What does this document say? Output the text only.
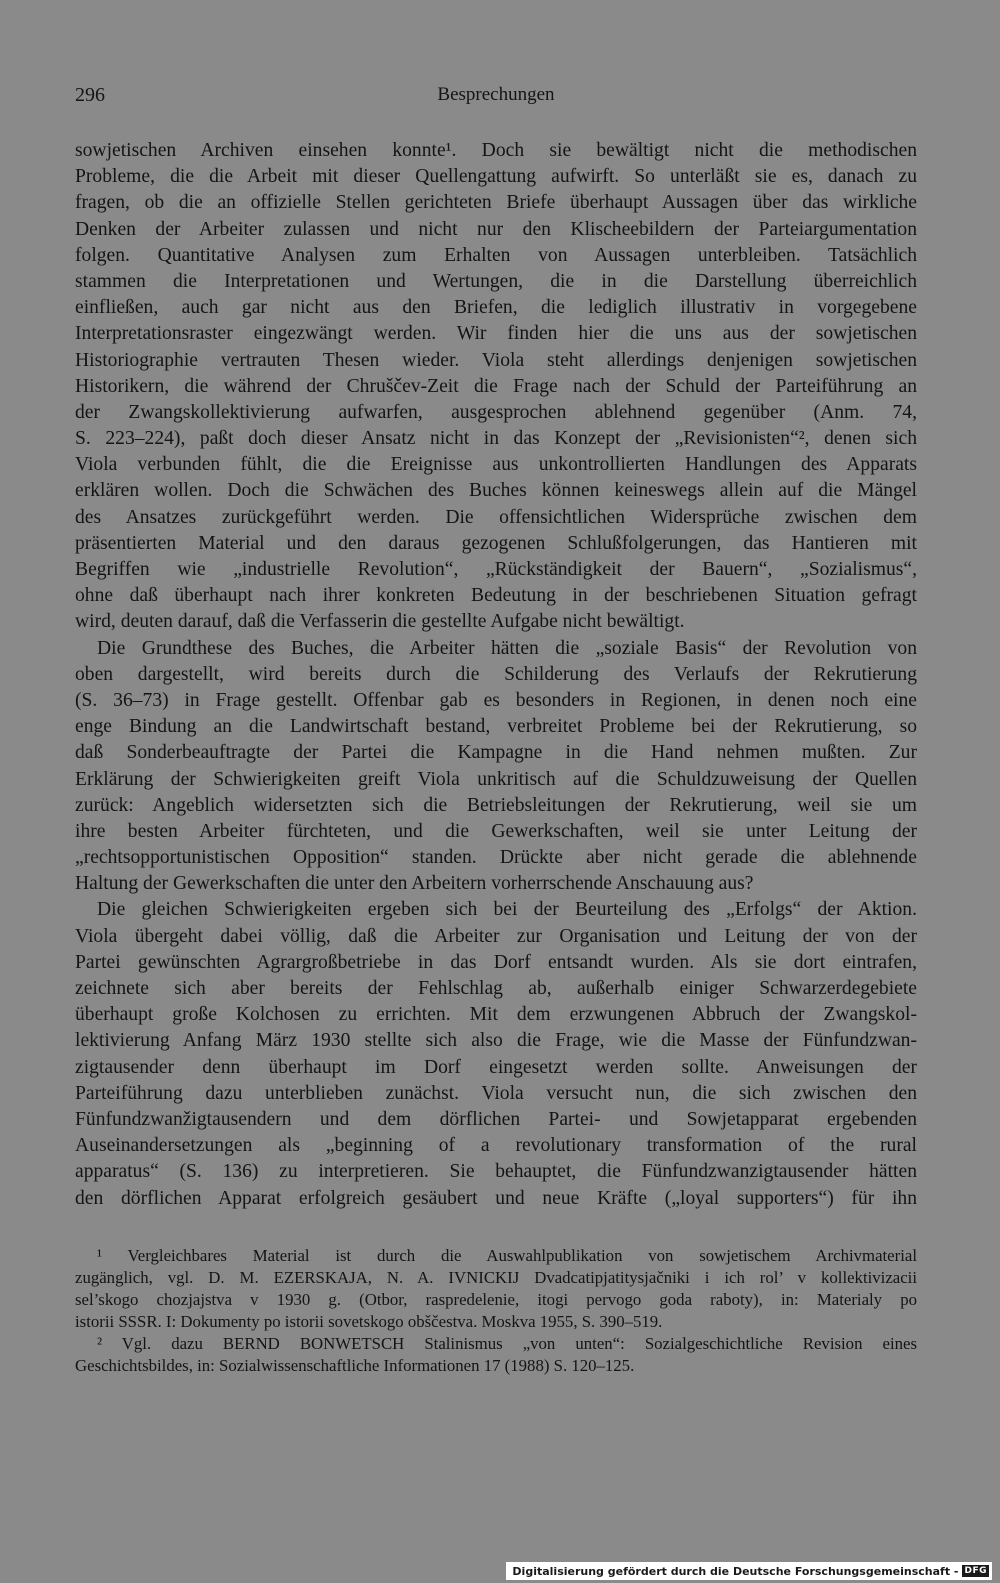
296	Besprechungen
sowjetischen Archiven einsehen konnte¹. Doch sie bewältigt nicht die methodischen
Probleme, die die Arbeit mit dieser Quellengattung aufwirft. So unterläßt sie es, danach zu
fragen, ob die an offizielle Stellen gerichteten Briefe überhaupt Aussagen über das wirkliche
Denken der Arbeiter zulassen und nicht nur den Klischeebildern der Parteiargumentation
folgen. Quantitative Analysen zum Erhalten von Aussagen unterbleiben. Tatsächlich
stammen die Interpretationen und Wertungen, die in die Darstellung überreichlich
einfließen, auch gar nicht aus den Briefen, die lediglich illustrativ in vorgegebene
Interpretationsraster eingezwängt werden. Wir finden hier die uns aus der sowjetischen
Historiographie vertrauten Thesen wieder. Viola steht allerdings denjenigen sowjetischen
Historikern, die während der Chruščev-Zeit die Frage nach der Schuld der Parteiführung an
der Zwangskollektivierung aufwarfen, ausgesprochen ablehnend gegenüber (Anm. 74,
S. 223–224), paßt doch dieser Ansatz nicht in das Konzept der „Revisionisten“², denen sich
Viola verbunden fühlt, die die Ereignisse aus unkontrollierten Handlungen des Apparats
erklären wollen. Doch die Schwächen des Buches können keineswegs allein auf die Mängel
des Ansatzes zurückgeführt werden. Die offensichtlichen Widersprüche zwischen dem
präsentierten Material und den daraus gezogenen Schlußfolgerungen, das Hantieren mit
Begriffen wie „industrielle Revolution“, „Rückständigkeit der Bauern“, „Sozialismus“,
ohne daß überhaupt nach ihrer konkreten Bedeutung in der beschriebenen Situation gefragt
wird, deuten darauf, daß die Verfasserin die gestellte Aufgabe nicht bewältigt.
Die Grundthese des Buches, die Arbeiter hätten die „soziale Basis“ der Revolution von
oben dargestellt, wird bereits durch die Schilderung des Verlaufs der Rekrutierung
(S. 36–73) in Frage gestellt. Offenbar gab es besonders in Regionen, in denen noch eine
enge Bindung an die Landwirtschaft bestand, verbreitet Probleme bei der Rekrutierung, so
daß Sonderbeauftragte der Partei die Kampagne in die Hand nehmen mußten. Zur
Erklärung der Schwierigkeiten greift Viola unkritisch auf die Schuldzuweisung der Quellen
zurück: Angeblich widersetzten sich die Betriebsleitungen der Rekrutierung, weil sie um
ihre besten Arbeiter fürchteten, und die Gewerkschaften, weil sie unter Leitung der
„rechtsopportunistischen Opposition“ standen. Drückte aber nicht gerade die ablehnende
Haltung der Gewerkschaften die unter den Arbeitern vorherrschende Anschauung aus?
Die gleichen Schwierigkeiten ergeben sich bei der Beurteilung des „Erfolgs“ der Aktion.
Viola übergeht dabei völlig, daß die Arbeiter zur Organisation und Leitung der von der
Partei gewünschten Agrargroßbetriebe in das Dorf entsandt wurden. Als sie dort eintrafen,
zeichnete sich aber bereits der Fehlschlag ab, außerhalb einiger Schwarzerdegebiete
überhaupt große Kolchosen zu errichten. Mit dem erzwungenen Abbruch der Zwangskol-
lektivierung Anfang März 1930 stellte sich also die Frage, wie die Masse der Fünfundzwan-
zigtausender denn überhaupt im Dorf eingesetzt werden sollte. Anweisungen der
Parteiführung dazu unterblieben zunächst. Viola versucht nun, die sich zwischen den
Fünfundzwanžigtausendern und dem dörflichen Partei- und Sowjetapparat ergebenden
Auseinandersetzungen als „beginning of a revolutionary transformation of the rural
apparatus“ (S. 136) zu interpretieren. Sie behauptet, die Fünfundzwanzigtausender hätten
den dörflichen Apparat erfolgreich gesäubert und neue Kräfte („loyal supporters“) für ihn
¹ Vergleichbares Material ist durch die Auswahlpublikation von sowjetischem Archivmaterial
zugänglich, vgl. D. M. EZERSKAJA, N. A. IVNICKIJ Dvadcatipjatitysjačniki i ich rol’ v kollektivizacii
sel’skogo chozjajstva v 1930 g. (Otbor, raspredelenie, itogi pervogo goda raboty), in: Materialy po
istorii SSSR. I: Dokumenty po istorii sovetskogo obščestva. Moskva 1955, S. 390–519.
² Vgl. dazu BERND BONWETSCH Stalinismus „von unten“: Sozialgeschichtliche Revision eines
Geschichtsbildes, in: Sozialwissenschaftliche Informationen 17 (1988) S. 120–125.
Digitalisierung gefördert durch die Deutsche Forschungsgemeinschaft - DFG
